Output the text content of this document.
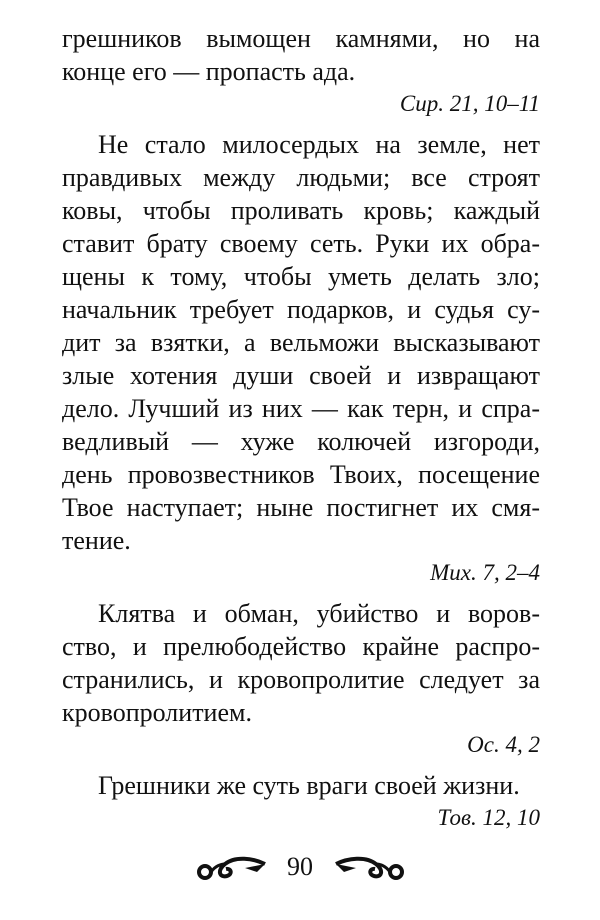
грешников вымощен камнями, но на
конце его — пропасть ада.
Сир. 21, 10–11
Не стало милосердых на земле, нет
правдивых между людьми; все строят
ковы, чтобы проливать кровь; каждый
ставит брату своему сеть. Руки их обра-
щены к тому, чтобы уметь делать зло;
начальник требует подарков, и судья су-
дит за взятки, а вельможи высказывают
злые хотения души своей и извращают
дело. Лучший из них — как терн, и спра-
ведливый — хуже колючей изгороди,
день провозвестников Твоих, посещение
Твое наступает; ныне постигнет их смя-
тение.
Мих. 7, 2–4
Клятва и обман, убийство и воров-
ство, и прелюбодейство крайне распро-
странились, и кровопролитие следует за
кровопролитием.
Ос. 4, 2
Грешники же суть враги своей жизни.
Тов. 12, 10
90
